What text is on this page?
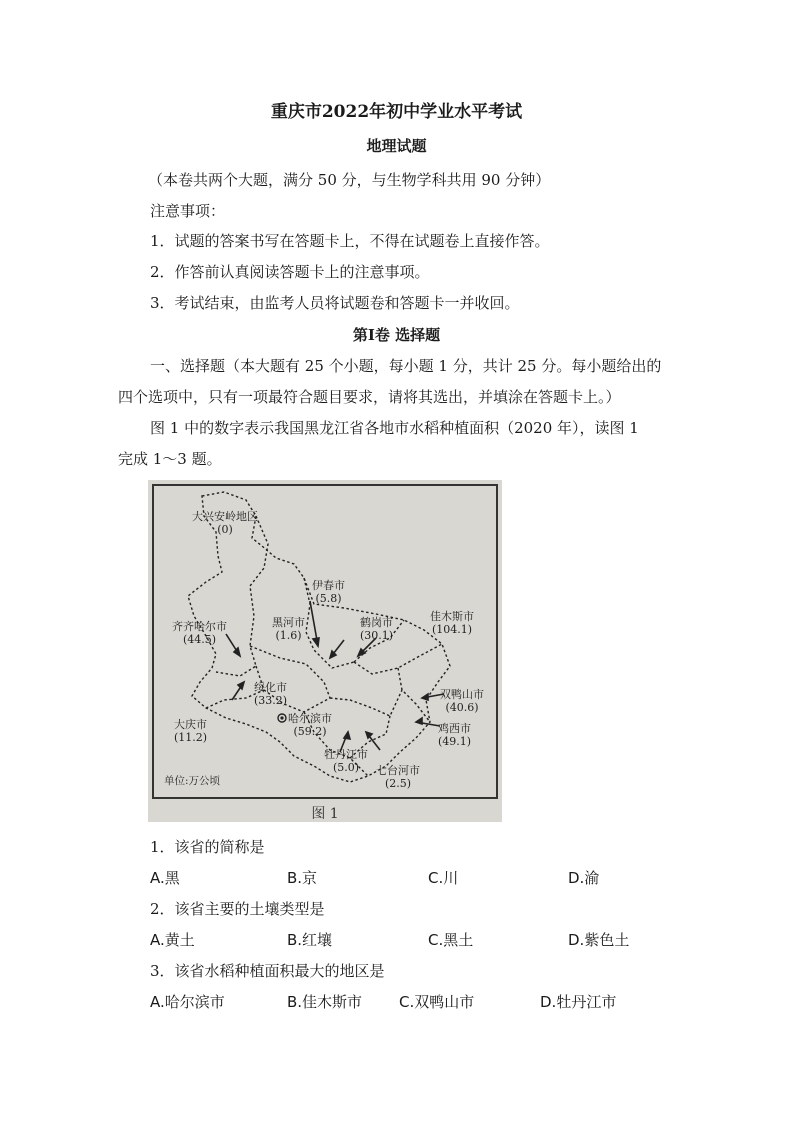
重庆市2022年初中学业水平考试
地理试题
（本卷共两个大题，满分 50 分，与生物学科共用 90 分钟）
注意事项：
1．试题的答案书写在答题卡上，不得在试题卷上直接作答。
2．作答前认真阅读答题卡上的注意事项。
3．考试结束，由监考人员将试题卷和答题卡一并收回。
第Ⅰ卷 选择题
一、选择题（本大题有 25 个小题，每小题 1 分，共计 25 分。每小题给出的
四个选项中，只有一项最符合题目要求，请将其选出，并填涂在答题卡上。）
图 1 中的数字表示我国黑龙江省各地市水稻种植面积（2020 年），读图 1
完成 1～3 题。
大兴安岭地区
(0)
伊春市
(5.8)
齐齐哈尔市
(44.5)
黑河市
(1.6)
鹤岗市
(30.1)
佳木斯市
(104.1)
绥化市
(33.2)	双鸭山市
(40.6)
哈尔滨市
(59.2)
大庆市
(11.2)
鸡西市
(49.1)
牡丹江市
(5.0)	七台河市
(2.5)
单位:万公顷
图 1
1．该省的简称是
A.黑	B.京	C.川	D.渝
2．该省主要的土壤类型是
A.黄土	B.红壤	C.黑土	D.紫色土
3．该省水稻种植面积最大的地区是
A.哈尔滨市	B.佳木斯市 C.双鸭山市	D.牡丹江市
